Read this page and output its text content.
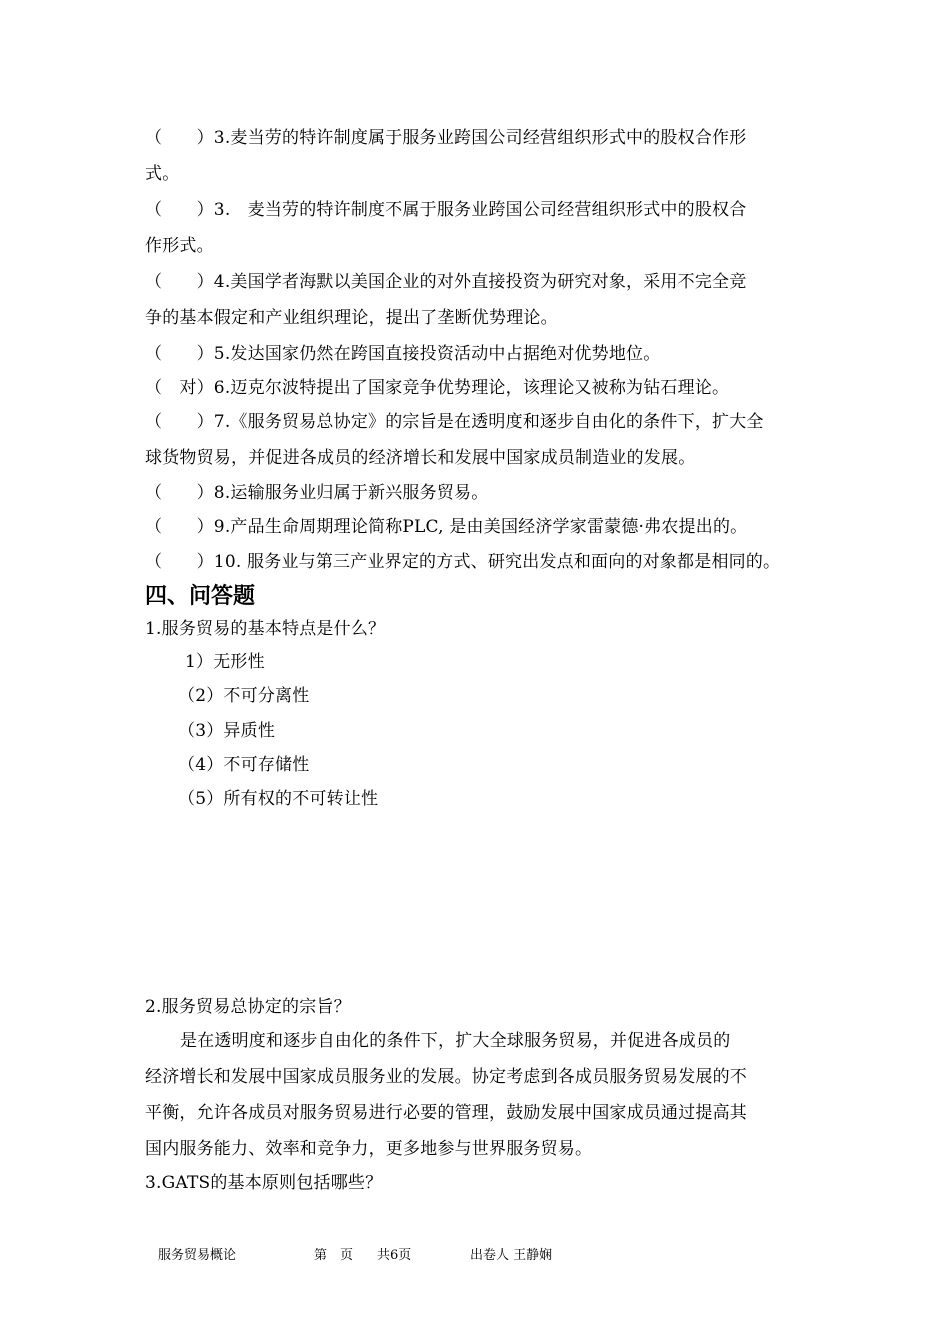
（　　）3.麦当劳的特许制度属于服务业跨国公司经营组织形式中的股权合作形
式。
（　　）3.　麦当劳的特许制度不属于服务业跨国公司经营组织形式中的股权合
作形式。
（　　）4.美国学者海默以美国企业的对外直接投资为研究对象，采用不完全竞
争的基本假定和产业组织理论，提出了垄断优势理论。
（　　）5.发达国家仍然在跨国直接投资活动中占据绝对优势地位。
（　对）6.迈克尔波特提出了国家竞争优势理论，该理论又被称为钻石理论。
（　　）7.《服务贸易总协定》的宗旨是在透明度和逐步自由化的条件下，扩大全
球货物贸易，并促进各成员的经济增长和发展中国家成员制造业的发展。
（　　）8.运输服务业归属于新兴服务贸易。
（　　）9.产品生命周期理论简称PLC, 是由美国经济学家雷蒙德·弗农提出的。
（　　）10. 服务业与第三产业界定的方式、研究出发点和面向的对象都是相同的。
四、问答题
1.服务贸易的基本特点是什么？
1）无形性
（2）不可分离性
（3）异质性
（4）不可存储性
（5）所有权的不可转让性
2.服务贸易总协定的宗旨？
是在透明度和逐步自由化的条件下，扩大全球服务贸易，并促进各成员的
经济增长和发展中国家成员服务业的发展。协定考虑到各成员服务贸易发展的不
平衡，允许各成员对服务贸易进行必要的管理，鼓励发展中国家成员通过提高其
国内服务能力、效率和竞争力，更多地参与世界服务贸易。
3.GATS的基本原则包括哪些？
服务贸易概论	第　页 共6页	出卷人 王静娴
